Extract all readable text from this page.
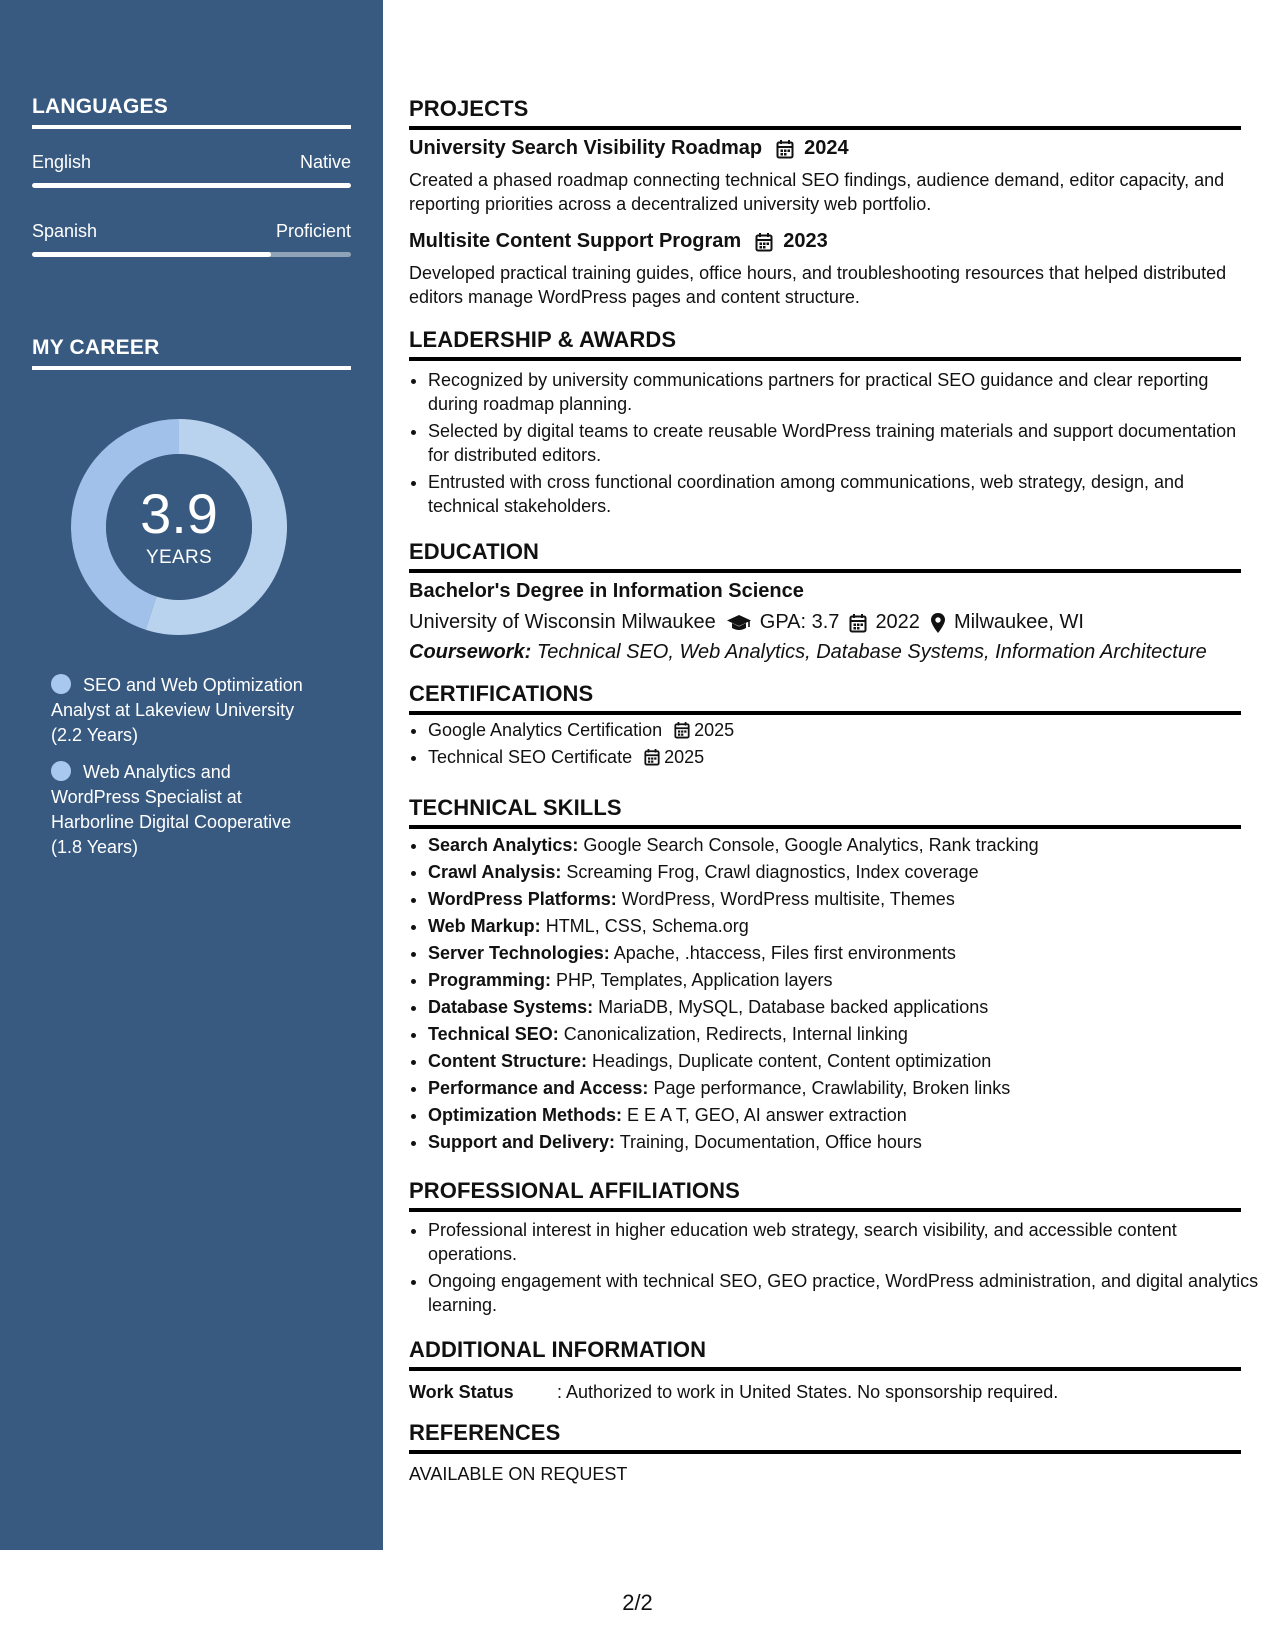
LANGUAGES
English	Native
Spanish	Proficient
MY CAREER
3.9
YEARS
SEO and Web Optimization Analyst at Lakeview University (2.2 Years)
Web Analytics and WordPress Specialist at Harborline Digital Cooperative (1.8 Years)
PROJECTS
University Search Visibility Roadmap 2024
Created a phased roadmap connecting technical SEO findings, audience demand, editor capacity, and reporting priorities across a decentralized university web portfolio.
Multisite Content Support Program 2023
Developed practical training guides, office hours, and troubleshooting resources that helped distributed editors manage WordPress pages and content structure.
LEADERSHIP & AWARDS
• Recognized by university communications partners for practical SEO guidance and clear reporting during roadmap planning.
• Selected by digital teams to create reusable WordPress training materials and support documentation for distributed editors.
• Entrusted with cross functional coordination among communications, web strategy, design, and technical stakeholders.
EDUCATION
Bachelor's Degree in Information Science
University of Wisconsin Milwaukee GPA: 3.7 2022 Milwaukee, WI
Coursework: Technical SEO, Web Analytics, Database Systems, Information Architecture
CERTIFICATIONS
• Google Analytics Certification 2025
• Technical SEO Certificate 2025
TECHNICAL SKILLS
• Search Analytics: Google Search Console, Google Analytics, Rank tracking
• Crawl Analysis: Screaming Frog, Crawl diagnostics, Index coverage
• WordPress Platforms: WordPress, WordPress multisite, Themes
• Web Markup: HTML, CSS, Schema.org
• Server Technologies: Apache, .htaccess, Files first environments
• Programming: PHP, Templates, Application layers
• Database Systems: MariaDB, MySQL, Database backed applications
• Technical SEO: Canonicalization, Redirects, Internal linking
• Content Structure: Headings, Duplicate content, Content optimization
• Performance and Access: Page performance, Crawlability, Broken links
• Optimization Methods: E E A T, GEO, AI answer extraction
• Support and Delivery: Training, Documentation, Office hours
PROFESSIONAL AFFILIATIONS
• Professional interest in higher education web strategy, search visibility, and accessible content operations.
• Ongoing engagement with technical SEO, GEO practice, WordPress administration, and digital analytics learning.
ADDITIONAL INFORMATION
Work Status	: Authorized to work in United States. No sponsorship required.
REFERENCES
AVAILABLE ON REQUEST
2/2
